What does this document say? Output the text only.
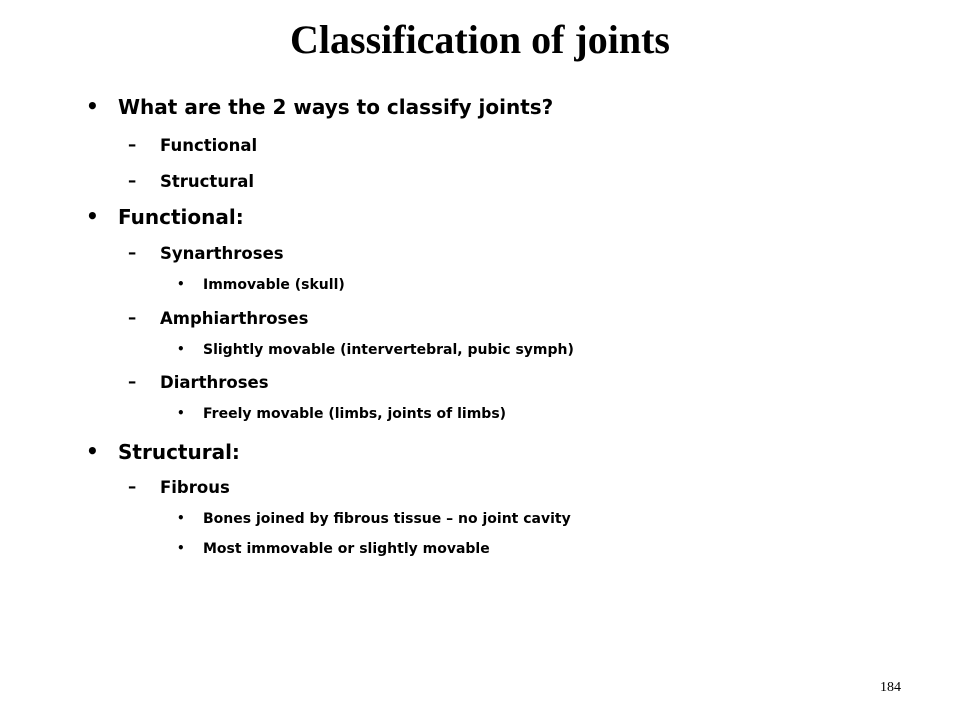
Classification of joints
• What are the 2 ways to classify joints?
– Functional
– Structural
• Functional:
– Synarthroses
• Immovable (skull)
– Amphiarthroses
• Slightly movable (intervertebral, pubic symph)
– Diarthroses
• Freely movable (limbs, joints of limbs)
• Structural:
– Fibrous
• Bones joined by fibrous tissue – no joint cavity
• Most immovable or slightly movable
184
